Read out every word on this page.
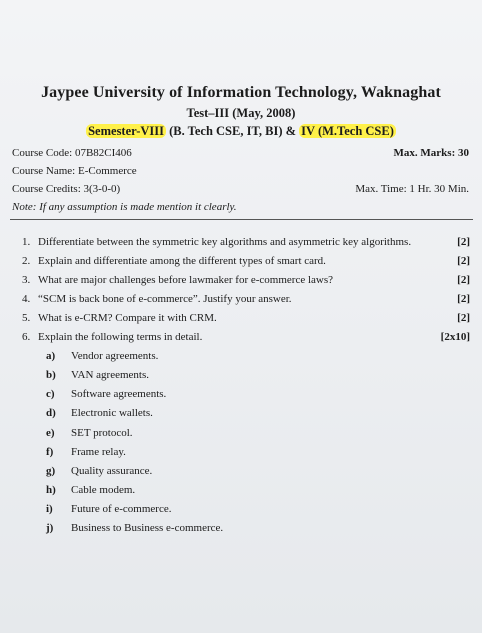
Jaypee University of Information Technology, Waknaghat
Test–III (May, 2008)
Semester-VIII (B. Tech CSE, IT, BI) & IV (M.Tech CSE)
Course Code: 07B82CI406	Max. Marks: 30
Course Name: E-Commerce
Course Credits: 3(3-0-0)	Max. Time: 1 Hr. 30 Min.
Note: If any assumption is made mention it clearly.
1. Differentiate between the symmetric key algorithms and asymmetric key algorithms.	[2]
2. Explain and differentiate among the different types of smart card.	[2]
3. What are major challenges before lawmaker for e-commerce laws?	[2]
4. “SCM is back bone of e-commerce”. Justify your answer.	[2]
5. What is e-CRM? Compare it with CRM.	[2]
6. Explain the following terms in detail.	[2x10]
a)	Vendor agreements.
b)	VAN agreements.
c)	Software agreements.
d)	Electronic wallets.
e)	SET protocol.
f)	Frame relay.
g)	Quality assurance.
h)	Cable modem.
i)	Future of e-commerce.
j)	Business to Business e-commerce.
